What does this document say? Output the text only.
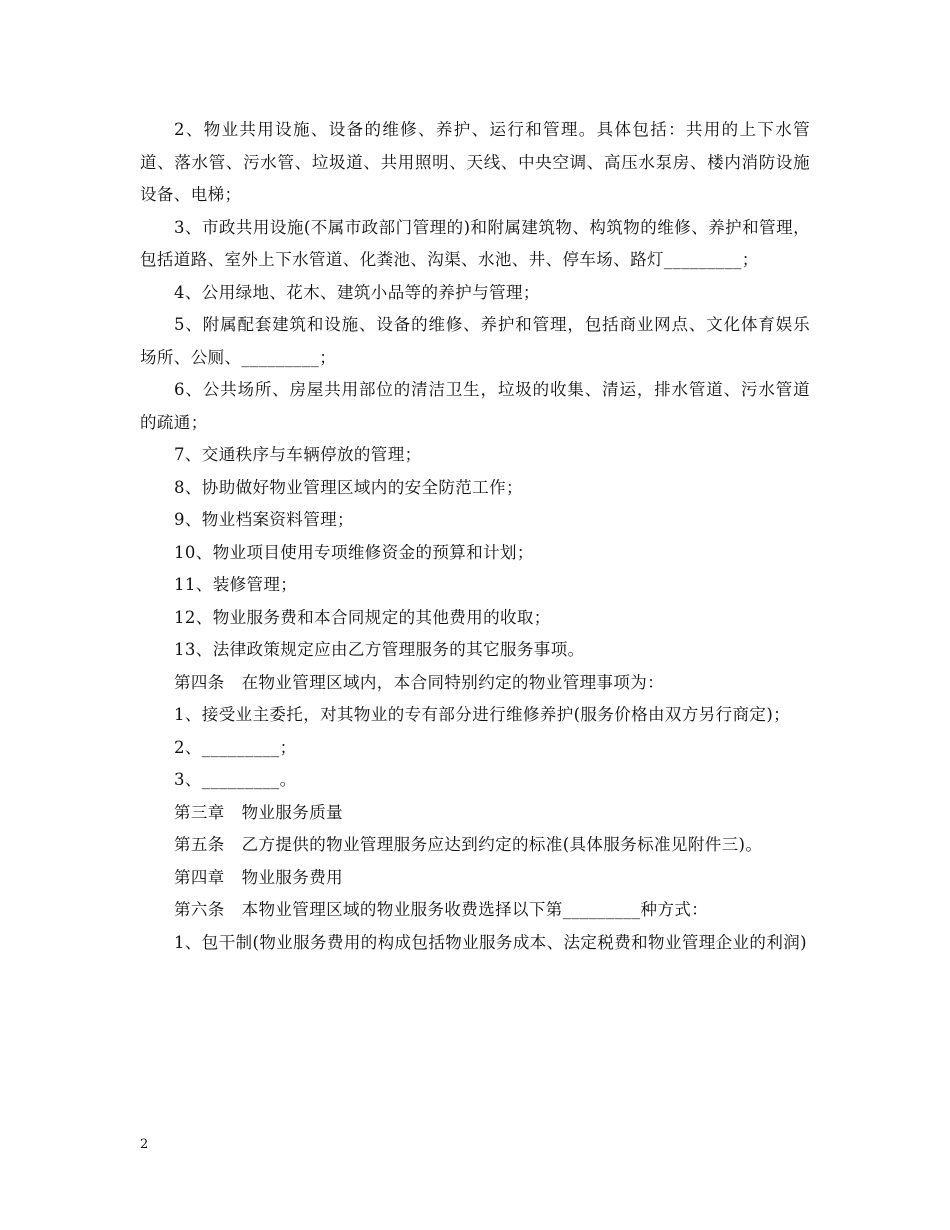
2、物业共用设施、设备的维修、养护、运行和管理。具体包括：共用的上下水管道、落水管、污水管、垃圾道、共用照明、天线、中央空调、高压水泵房、楼内消防设施设备、电梯；

3、市政共用设施(不属市政部门管理的)和附属建筑物、构筑物的维修、养护和管理，包括道路、室外上下水管道、化粪池、沟渠、水池、井、停车场、路灯_________；

4、公用绿地、花木、建筑小品等的养护与管理；

5、附属配套建筑和设施、设备的维修、养护和管理，包括商业网点、文化体育娱乐场所、公厕、_________；

6、公共场所、房屋共用部位的清洁卫生，垃圾的收集、清运，排水管道、污水管道的疏通；

7、交通秩序与车辆停放的管理；

8、协助做好物业管理区域内的安全防范工作；

9、物业档案资料管理；

10、物业项目使用专项维修资金的预算和计划；

11、装修管理；

12、物业服务费和本合同规定的其他费用的收取；

13、法律政策规定应由乙方管理服务的其它服务事项。

第四条　在物业管理区域内，本合同特别约定的物业管理事项为：

1、接受业主委托，对其物业的专有部分进行维修养护(服务价格由双方另行商定)；

2、_________；

3、_________。

第三章　物业服务质量

第五条　乙方提供的物业管理服务应达到约定的标准(具体服务标准见附件三)。

第四章　物业服务费用

第六条　本物业管理区域的物业服务收费选择以下第_________种方式：

1、包干制(物业服务费用的构成包括物业服务成本、法定税费和物业管理企业的利润)

2
